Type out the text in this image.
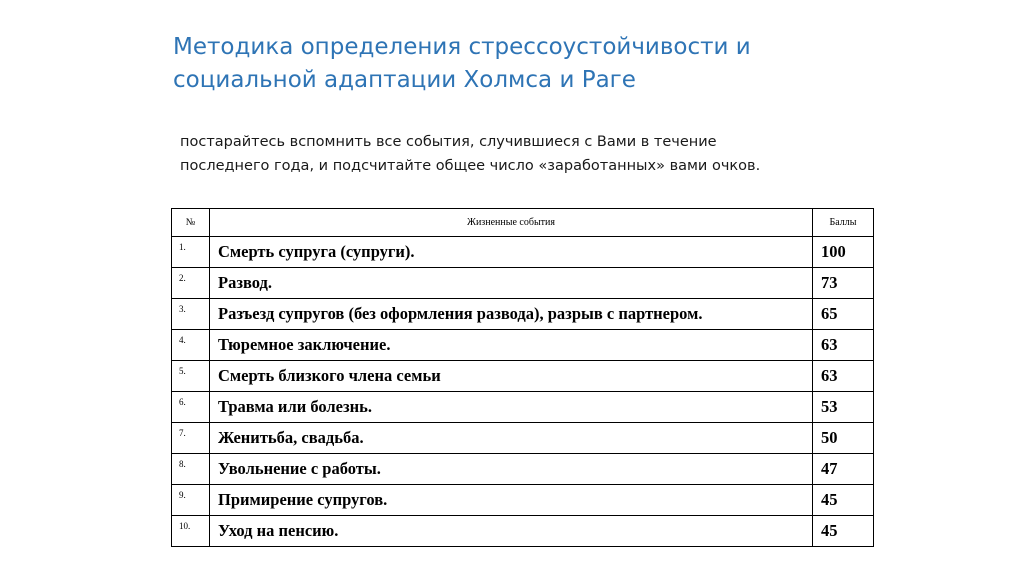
Методика определения стрессоустойчивости и
социальной адаптации Холмса и Раге
постарайтесь вспомнить все события, случившиеся с Вами в течение
последнего года, и подсчитайте общее число «заработанных» вами очков.
№	Жизненные события	Баллы
1.	Смерть супруга (супруги).	100
2.	Развод.	73
3.	Разъезд супругов (без оформления развода), разрыв с партнером.	65
4.	Тюремное заключение.	63
5.	Смерть близкого члена семьи	63
6.	Травма или болезнь.	53
7.	Женитьба, свадьба.	50
8.	Увольнение с работы.	47
9.	Примирение супругов.	45
10.	Уход на пенсию.	45
